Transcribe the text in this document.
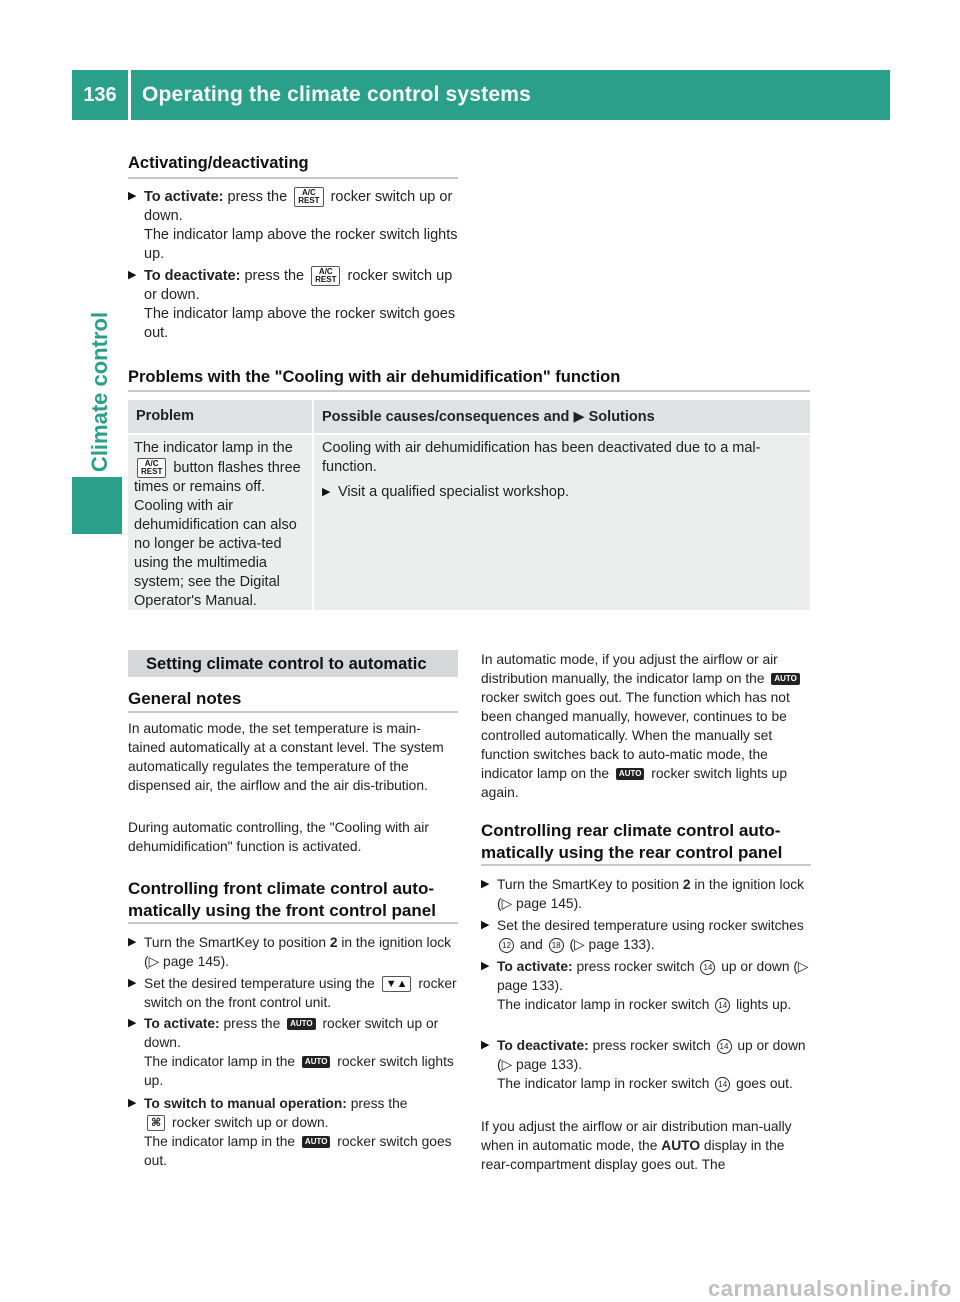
136	Operating the climate control systems
Climate control
Activating/deactivating
▶ To activate: press the A/C
REST rocker switch up or down.
The indicator lamp above the rocker switch lights up.
▶ To deactivate: press the A/C
REST rocker switch up or down.
The indicator lamp above the rocker switch goes out.
Problems with the "Cooling with air dehumidification" function
Problem	Possible causes/consequences and ▶ Solutions
The indicator lamp in the A/C
REST button flashes three times or remains off. Cooling with air dehumidification can also no longer be activa-ted using the multimedia system; see the Digital Operator's Manual.
Cooling with air dehumidification has been deactivated due to a mal-function.
▶ Visit a qualified specialist workshop.
Setting climate control to automatic
General notes
In automatic mode, the set temperature is main-tained automatically at a constant level. The system automatically regulates the temperature of the dispensed air, the airflow and the air dis-tribution.
During automatic controlling, the "Cooling with air dehumidification" function is activated.
Controlling front climate control auto-
matically using the front control panel
▶ Turn the SmartKey to position 2 in the ignition lock (▷ page 145).
▶ Set the desired temperature using the ▼▲ rocker switch on the front control unit.
▶ To activate: press the AUTO rocker switch up or down.
The indicator lamp in the AUTO rocker switch lights up.
▶ To switch to manual operation: press the
⌘ rocker switch up or down.
The indicator lamp in the AUTO rocker switch goes out.
In automatic mode, if you adjust the airflow or air distribution manually, the indicator lamp on the AUTO rocker switch goes out. The function which has not been changed manually, however, continues to be controlled automatically. When the manually set function switches back to auto-matic mode, the indicator lamp on the AUTO rocker switch lights up again.
Controlling rear climate control auto-
matically using the rear control panel
▶ Turn the SmartKey to position 2 in the ignition lock (▷ page 145).
▶ Set the desired temperature using rocker switches 12 and 18 (▷ page 133).
▶ To activate: press rocker switch 14 up or down (▷ page 133).
The indicator lamp in rocker switch 14 lights up.
▶ To deactivate: press rocker switch 14 up or down (▷ page 133).
The indicator lamp in rocker switch 14 goes out.
If you adjust the airflow or air distribution man-ually when in automatic mode, the AUTO display in the rear-compartment display goes out. The
carmanualsonline.info
